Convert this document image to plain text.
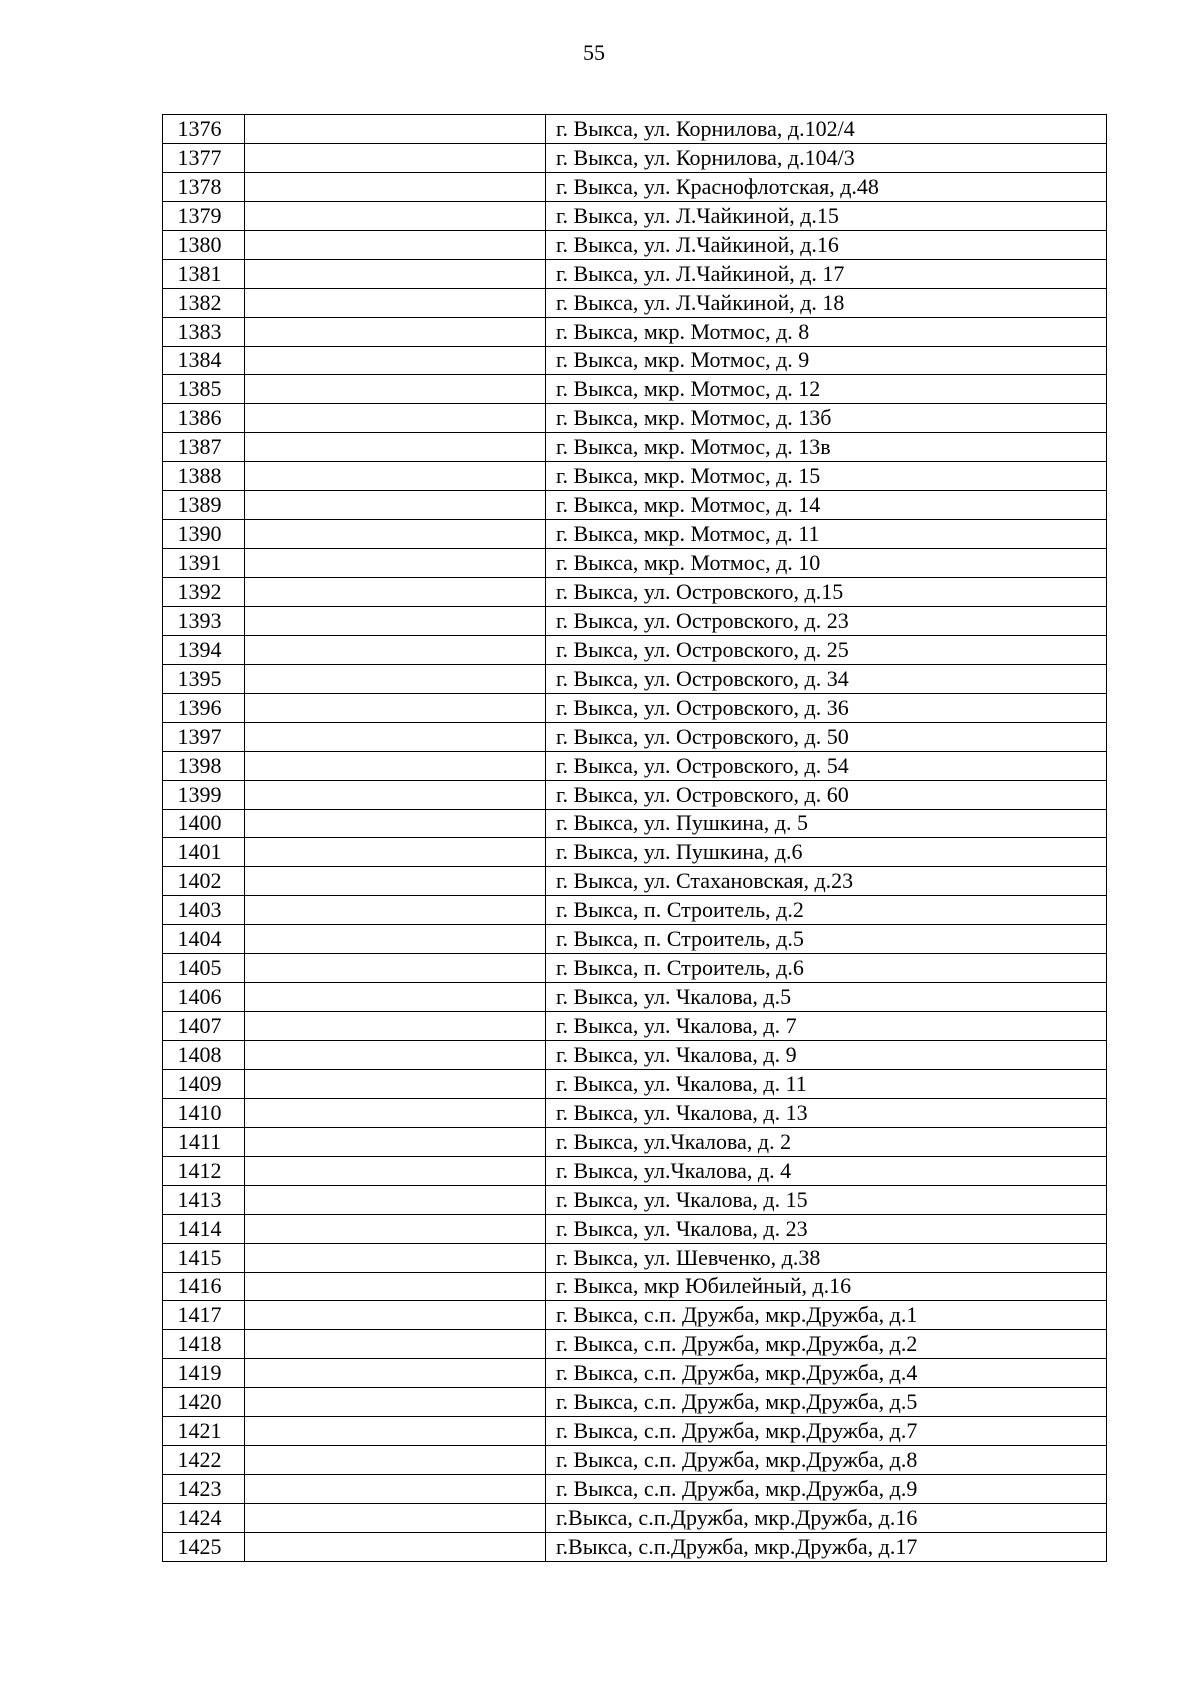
55
1376		г. Выкса, ул. Корнилова, д.102/4
1377		г. Выкса, ул. Корнилова, д.104/3
1378		г. Выкса, ул. Краснофлотская, д.48
1379		г. Выкса, ул. Л.Чайкиной, д.15
1380		г. Выкса, ул. Л.Чайкиной, д.16
1381		г. Выкса, ул. Л.Чайкиной, д. 17
1382		г. Выкса, ул. Л.Чайкиной, д. 18
1383		г. Выкса, мкр. Мотмос, д. 8
1384		г. Выкса, мкр. Мотмос, д. 9
1385		г. Выкса, мкр. Мотмос, д. 12
1386		г. Выкса, мкр. Мотмос, д. 13б
1387		г. Выкса, мкр. Мотмос, д. 13в
1388		г. Выкса, мкр. Мотмос, д. 15
1389		г. Выкса, мкр. Мотмос, д. 14
1390		г. Выкса, мкр. Мотмос, д. 11
1391		г. Выкса, мкр. Мотмос, д. 10
1392		г. Выкса, ул. Островского, д.15
1393		г. Выкса, ул. Островского, д. 23
1394		г. Выкса, ул. Островского, д. 25
1395		г. Выкса, ул. Островского, д. 34
1396		г. Выкса, ул. Островского, д. 36
1397		г. Выкса, ул. Островского, д. 50
1398		г. Выкса, ул. Островского, д. 54
1399		г. Выкса, ул. Островского, д. 60
1400		г. Выкса, ул. Пушкина, д. 5
1401		г. Выкса, ул. Пушкина, д.6
1402		г. Выкса, ул. Стахановская, д.23
1403		г. Выкса, п. Строитель, д.2
1404		г. Выкса, п. Строитель, д.5
1405		г. Выкса, п. Строитель, д.6
1406		г. Выкса, ул. Чкалова, д.5
1407		г. Выкса, ул. Чкалова, д. 7
1408		г. Выкса, ул. Чкалова, д. 9
1409		г. Выкса, ул. Чкалова, д. 11
1410		г. Выкса, ул. Чкалова, д. 13
1411		г. Выкса, ул.Чкалова, д. 2
1412		г. Выкса, ул.Чкалова, д. 4
1413		г. Выкса, ул. Чкалова, д. 15
1414		г. Выкса, ул. Чкалова, д. 23
1415		г. Выкса, ул. Шевченко, д.38
1416		г. Выкса, мкр Юбилейный, д.16
1417		г. Выкса, с.п. Дружба, мкр.Дружба, д.1
1418		г. Выкса, с.п. Дружба, мкр.Дружба, д.2
1419		г. Выкса, с.п. Дружба, мкр.Дружба, д.4
1420		г. Выкса, с.п. Дружба, мкр.Дружба, д.5
1421		г. Выкса, с.п. Дружба, мкр.Дружба, д.7
1422		г. Выкса, с.п. Дружба, мкр.Дружба, д.8
1423		г. Выкса, с.п. Дружба, мкр.Дружба, д.9
1424		г.Выкса, с.п.Дружба, мкр.Дружба, д.16
1425		г.Выкса, с.п.Дружба, мкр.Дружба, д.17
